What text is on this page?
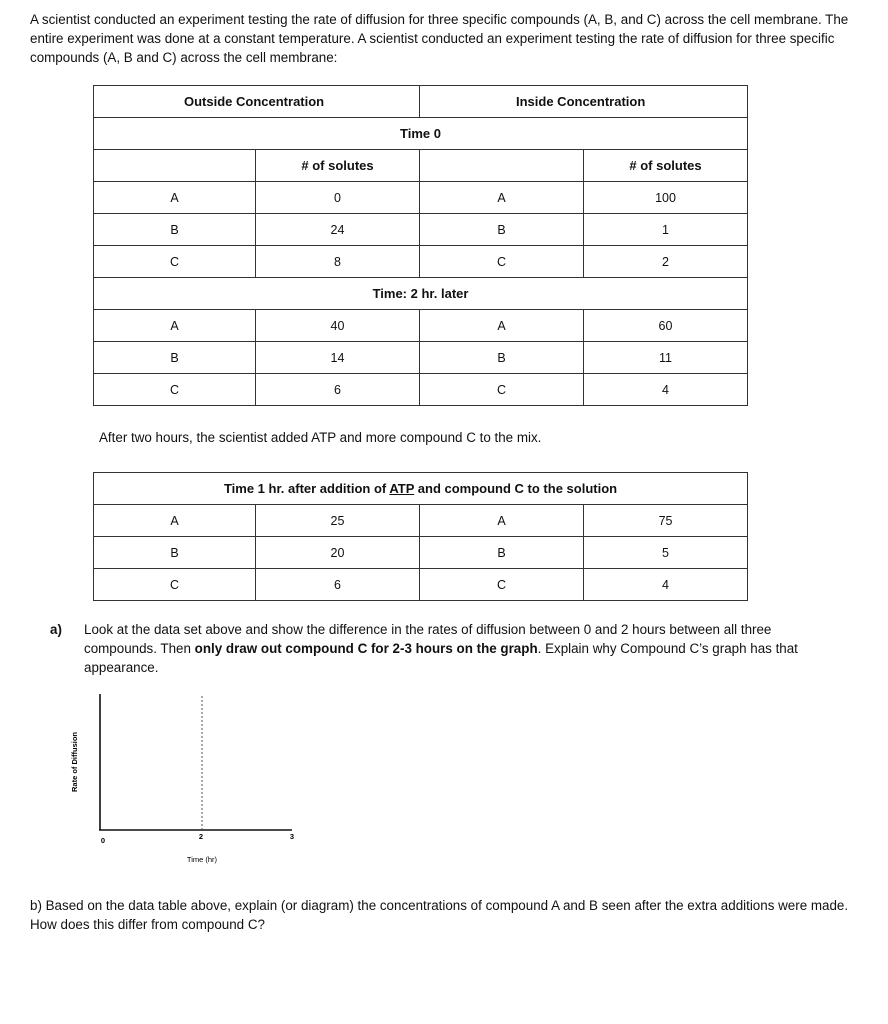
A scientist conducted an experiment testing the rate of diffusion for three specific compounds (A, B, and C) across the cell membrane. The entire experiment was done at a constant temperature. A scientist conducted an experiment testing the rate of diffusion for three specific compounds (A, B and C) across the cell membrane:
Outside Concentration		Inside Concentration	
Time 0			
	# of solutes		# of solutes
A	0	A	100
B	24	B	1
C	8	C	2
Time: 2 hr. later			
A	40	A	60
B	14	B	11
C	6	C	4
After two hours, the scientist added ATP and more compound C to the mix.
Time 1 hr. after addition of ATP and compound C to the solution			
A	25	A	75
B	20	B	5
C	6	C	4
a) Look at the data set above and show the difference in the rates of diffusion between 0 and 2 hours between all three compounds. Then only draw out compound C for 2-3 hours on the graph. Explain why Compound C’s graph has that appearance.
Rate of Diffusion
0	2	3
Time (hr)
b) Based on the data table above, explain (or diagram) the concentrations of compound A and B seen after the extra additions were made. How does this differ from compound C?
